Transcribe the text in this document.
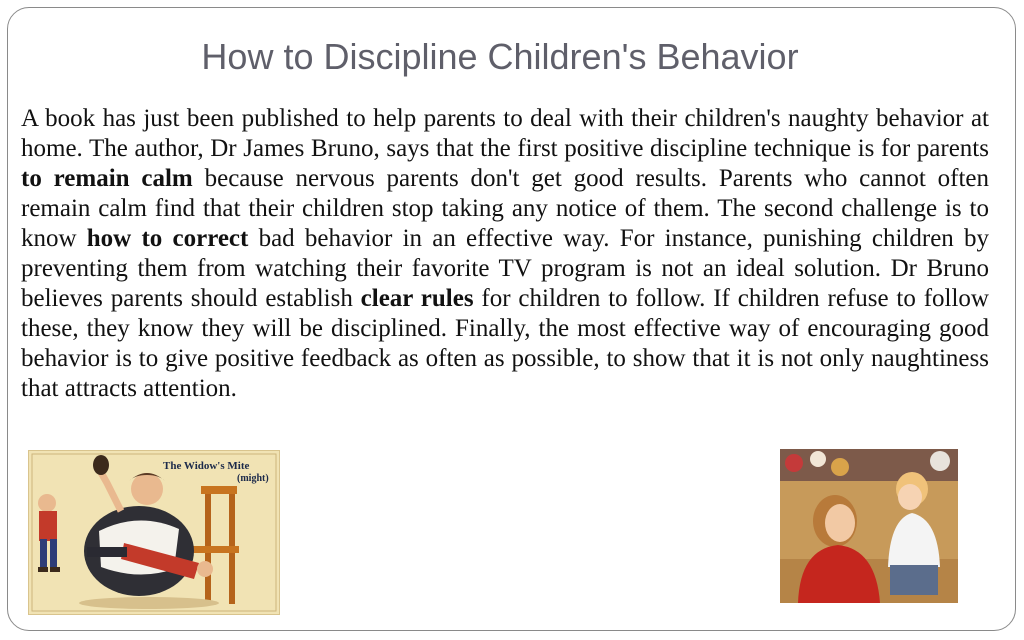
How to Discipline Children's Behavior

A book has just been published to help parents to deal with their children's naughty behavior at home. The author, Dr James Bruno, says that the first positive discipline technique is for parents to remain calm because nervous parents don't get good results. Parents who cannot often remain calm find that their children stop taking any notice of them. The second challenge is to know how to correct bad behavior in an effective way. For instance, punishing children by preventing them from watching their favorite TV program is not an ideal solution. Dr Bruno believes parents should establish clear rules for children to follow. If children refuse to follow these, they know they will be disciplined. Finally, the most effective way of encouraging good behavior is to give positive feedback as often as possible, to show that it is not only naughtiness that attracts attention.

The Widow's Mite
(might)
